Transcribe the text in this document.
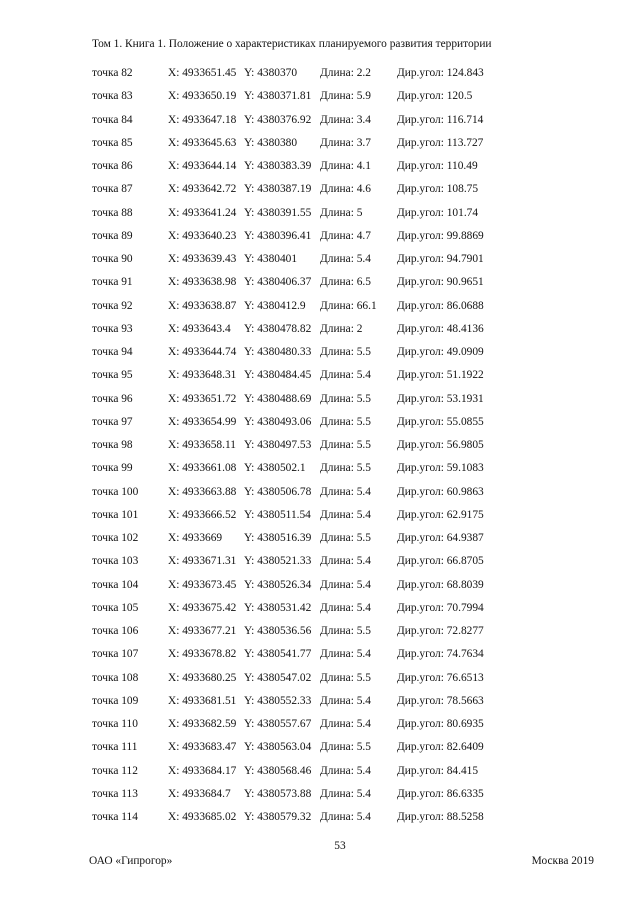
Том 1. Книга 1. Положение о характеристиках планируемого развития территории
точка 82	X: 4933651.45 Y: 4380370 Длина: 2.2 Дир.угол: 124.843
точка 83	X: 4933650.19 Y: 4380371.81 Длина: 5.9 Дир.угол: 120.5
точка 84	X: 4933647.18 Y: 4380376.92 Длина: 3.4 Дир.угол: 116.714
точка 85	X: 4933645.63 Y: 4380380 Длина: 3.7 Дир.угол: 113.727
точка 86	X: 4933644.14 Y: 4380383.39 Длина: 4.1 Дир.угол: 110.49
точка 87	X: 4933642.72 Y: 4380387.19 Длина: 4.6 Дир.угол: 108.75
точка 88	X: 4933641.24 Y: 4380391.55 Длина: 5	Дир.угол: 101.74
точка 89	X: 4933640.23 Y: 4380396.41 Длина: 4.7 Дир.угол: 99.8869
точка 90	X: 4933639.43 Y: 4380401 Длина: 5.4 Дир.угол: 94.7901
точка 91	X: 4933638.98 Y: 4380406.37 Длина: 6.5 Дир.угол: 90.9651
точка 92	X: 4933638.87 Y: 4380412.9 Длина: 66.1 Дир.угол: 86.0688
точка 93	X: 4933643.4 Y: 4380478.82 Длина: 2	Дир.угол: 48.4136
точка 94	X: 4933644.74 Y: 4380480.33 Длина: 5.5 Дир.угол: 49.0909
точка 95	X: 4933648.31 Y: 4380484.45 Длина: 5.4 Дир.угол: 51.1922
точка 96	X: 4933651.72 Y: 4380488.69 Длина: 5.5 Дир.угол: 53.1931
точка 97	X: 4933654.99 Y: 4380493.06 Длина: 5.5 Дир.угол: 55.0855
точка 98	X: 4933658.11 Y: 4380497.53 Длина: 5.5 Дир.угол: 56.9805
точка 99	X: 4933661.08 Y: 4380502.1 Длина: 5.5 Дир.угол: 59.1083
точка 100	X: 4933663.88 Y: 4380506.78 Длина: 5.4 Дир.угол: 60.9863
точка 101	X: 4933666.52 Y: 4380511.54 Длина: 5.4 Дир.угол: 62.9175
точка 102	X: 4933669 Y: 4380516.39 Длина: 5.5 Дир.угол: 64.9387
точка 103	X: 4933671.31 Y: 4380521.33 Длина: 5.4 Дир.угол: 66.8705
точка 104	X: 4933673.45 Y: 4380526.34 Длина: 5.4 Дир.угол: 68.8039
точка 105	X: 4933675.42 Y: 4380531.42 Длина: 5.4 Дир.угол: 70.7994
точка 106	X: 4933677.21 Y: 4380536.56 Длина: 5.5 Дир.угол: 72.8277
точка 107	X: 4933678.82 Y: 4380541.77 Длина: 5.4 Дир.угол: 74.7634
точка 108	X: 4933680.25 Y: 4380547.02 Длина: 5.5 Дир.угол: 76.6513
точка 109	X: 4933681.51 Y: 4380552.33 Длина: 5.4 Дир.угол: 78.5663
точка 110	X: 4933682.59 Y: 4380557.67 Длина: 5.4 Дир.угол: 80.6935
точка 111	X: 4933683.47 Y: 4380563.04 Длина: 5.5 Дир.угол: 82.6409
точка 112	X: 4933684.17 Y: 4380568.46 Длина: 5.4 Дир.угол: 84.415
точка 113	X: 4933684.7 Y: 4380573.88 Длина: 5.4 Дир.угол: 86.6335
точка 114	X: 4933685.02 Y: 4380579.32 Длина: 5.4 Дир.угол: 88.5258
53
ОАО «Гипрогор»	Москва 2019
